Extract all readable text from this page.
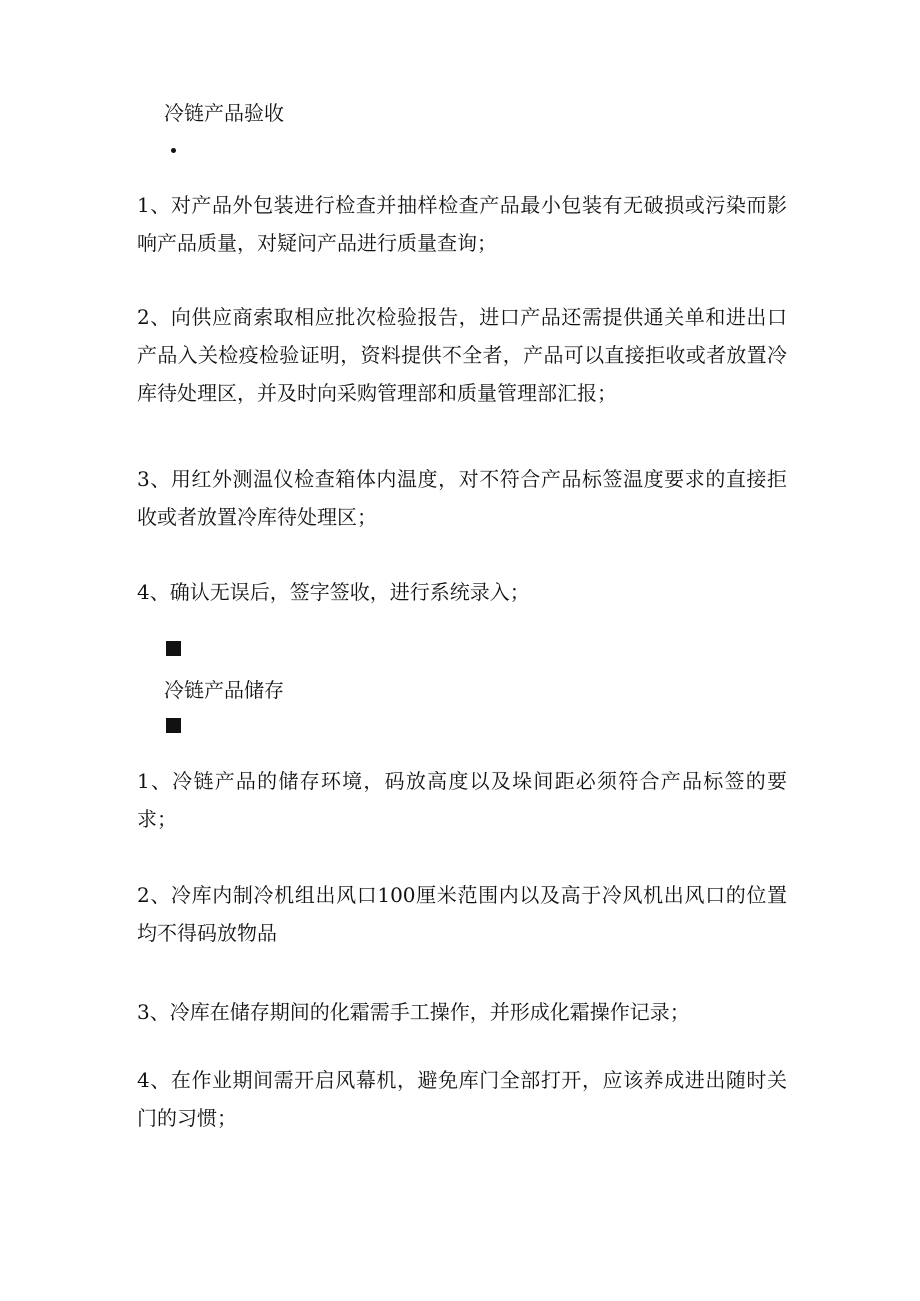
冷链产品验收

1、对产品外包装进行检查并抽样检查产品最小包装有无破损或污染而影响产品质量，对疑问产品进行质量查询；

2、向供应商索取相应批次检验报告，进口产品还需提供通关单和进出口产品入关检疫检验证明，资料提供不全者，产品可以直接拒收或者放置冷库待处理区，并及时向采购管理部和质量管理部汇报；

3、用红外测温仪检查箱体内温度，对不符合产品标签温度要求的直接拒收或者放置冷库待处理区；

4、确认无误后，签字签收，进行系统录入；

冷链产品储存

1、冷链产品的储存环境，码放高度以及垛间距必须符合产品标签的要求；

2、冷库内制冷机组出风口100厘米范围内以及高于冷风机出风口的位置均不得码放物品

3、冷库在储存期间的化霜需手工操作，并形成化霜操作记录；

4、在作业期间需开启风幕机，避免库门全部打开，应该养成进出随时关门的习惯；
